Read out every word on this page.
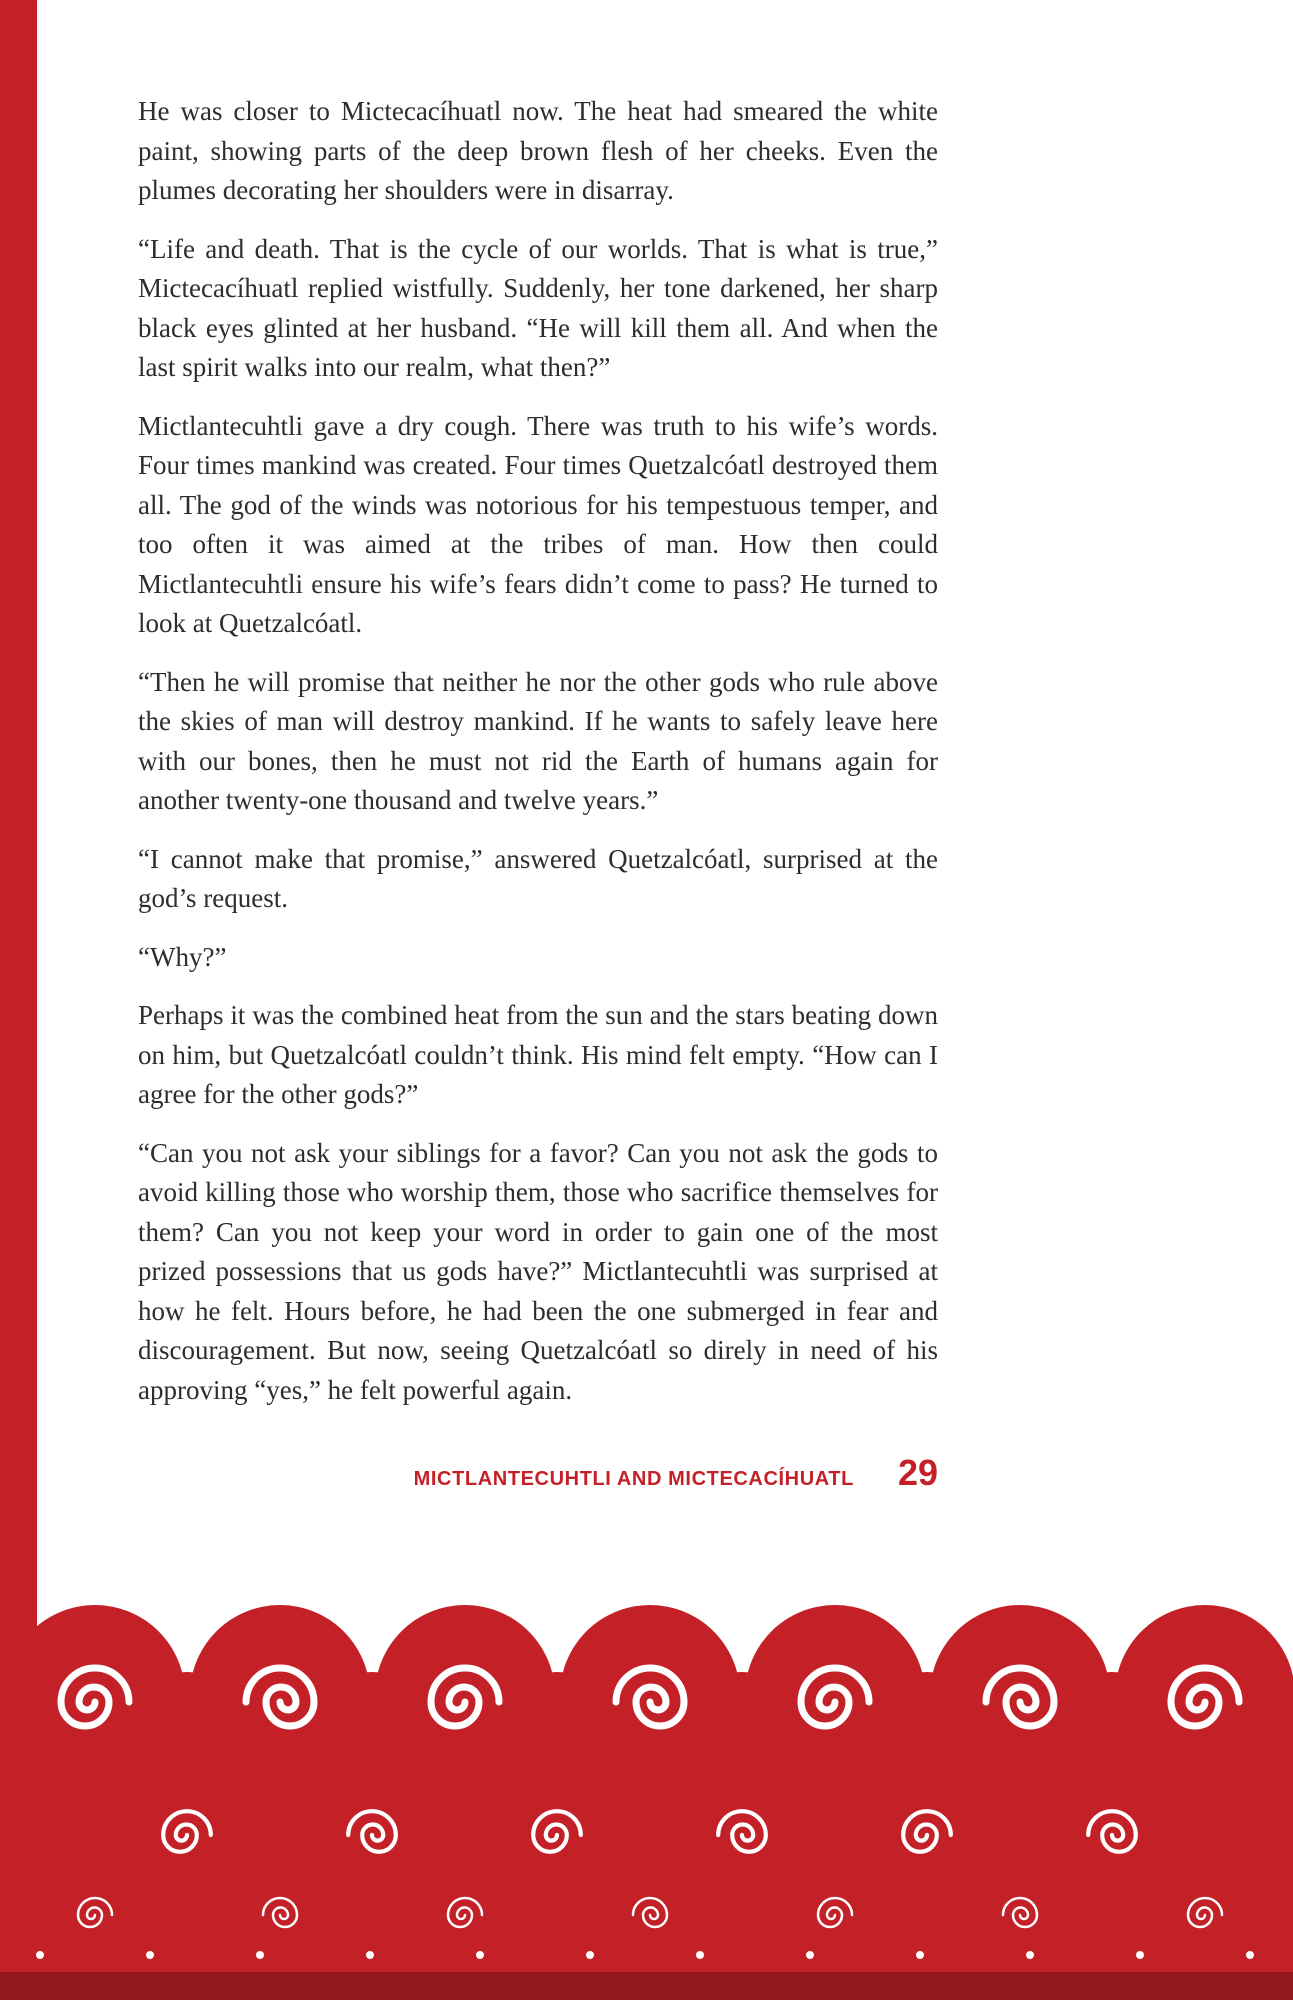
He was closer to Mictecacíhuatl now. The heat had smeared the white paint, showing parts of the deep brown flesh of her cheeks. Even the plumes decorating her shoulders were in disarray.

“Life and death. That is the cycle of our worlds. That is what is true,” Mictecacíhuatl replied wistfully. Suddenly, her tone darkened, her sharp black eyes glinted at her husband. “He will kill them all. And when the last spirit walks into our realm, what then?”

Mictlantecuhtli gave a dry cough. There was truth to his wife’s words. Four times mankind was created. Four times Quetzalcóatl destroyed them all. The god of the winds was notorious for his tempestuous temper, and too often it was aimed at the tribes of man. How then could Mictlantecuhtli ensure his wife’s fears didn’t come to pass? He turned to look at Quetzalcóatl.

“Then he will promise that neither he nor the other gods who rule above the skies of man will destroy mankind. If he wants to safely leave here with our bones, then he must not rid the Earth of humans again for another twenty-one thousand and twelve years.”

“I cannot make that promise,” answered Quetzalcóatl, surprised at the god’s request.

“Why?”

Perhaps it was the combined heat from the sun and the stars beating down on him, but Quetzalcóatl couldn’t think. His mind felt empty. “How can I agree for the other gods?”

“Can you not ask your siblings for a favor? Can you not ask the gods to avoid killing those who worship them, those who sacrifice themselves for them? Can you not keep your word in order to gain one of the most prized possessions that us gods have?” Mictlantecuhtli was surprised at how he felt. Hours before, he had been the one submerged in fear and discouragement. But now, seeing Quetzalcóatl so direly in need of his approving “yes,” he felt powerful again.

MICTLANTECUHTLI AND MICTECACÍHUATL 29
